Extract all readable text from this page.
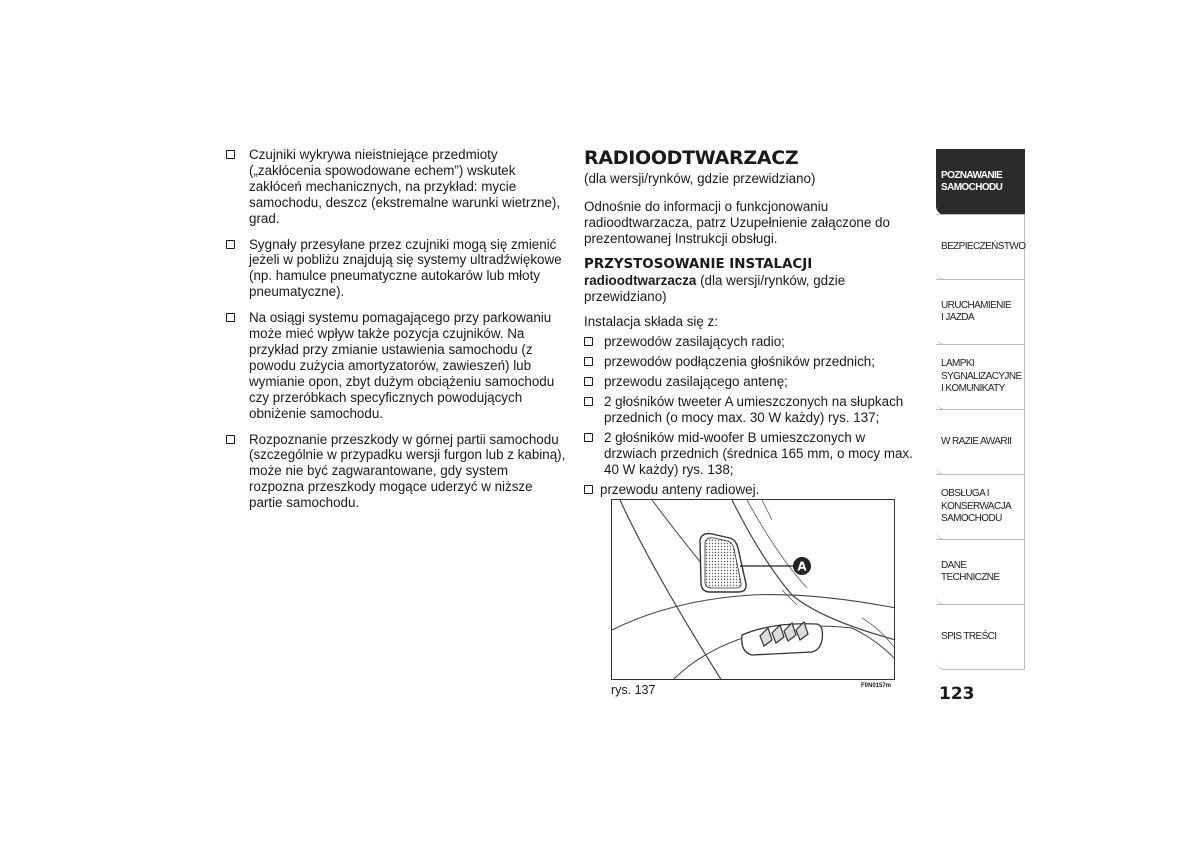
Czujniki wykrywa nieistniejące przedmioty („zakłócenia spowodowane echem”) wskutek zakłóceń mechanicznych, na przykład: mycie samochodu, deszcz (ekstremalne warunki wietrzne), grad.
Sygnały przesyłane przez czujniki mogą się zmienić jeżeli w pobliżu znajdują się systemy ultradźwiękowe (np. hamulce pneumatyczne autokarów lub młoty pneumatyczne).
Na osiągi systemu pomagającego przy parkowaniu może mieć wpływ także pozycja czujników. Na przykład przy zmianie ustawienia samochodu (z powodu zużycia amortyzatorów, zawieszeń) lub wymianie opon, zbyt dużym obciążeniu samochodu czy przeróbkach specyficznych powodujących obniżenie samochodu.
Rozpoznanie przeszkody w górnej partii samochodu (szczególnie w przypadku wersji furgon lub z kabiną), może nie być zagwarantowane, gdy system rozpozna przeszkody mogące uderzyć w niższe partie samochodu.
RADIOODTWARZACZ

(dla wersji/rynków, gdzie przewidziano)

Odnośnie do informacji o funkcjonowaniu radioodtwarzacza, patrz Uzupełnienie załączone do prezentowanej Instrukcji obsługi.

PRZYSTOSOWANIE INSTALACJI

radioodtwarzacza (dla wersji/rynków, gdzie przewidziano)

Instalacja składa się z:

przewodów zasilających radio;
przewodów podłączenia głośników przednich;
przewodu zasilającego antenę;
2 głośników tweeter A umieszczonych na słupkach przednich (o mocy max. 30 W każdy) rys. 137;
2 głośników mid-woofer B umieszczonych w drzwiach przednich (średnica 165 mm, o mocy max. 40 W każdy) rys. 138;
przewodu anteny radiowej.
A
rys. 137	F0N0157m
POZNAWANIE SAMOCHODU
BEZPIECZEŃSTWO
URUCHAMIENIE I JAZDA
LAMPKI SYGNALIZACYJNE I KOMUNIKATY
W RAZIE AWARII
OBSŁUGA I KONSERWACJA SAMOCHODU
DANE TECHNICZNE
SPIS TREŚCI
123
